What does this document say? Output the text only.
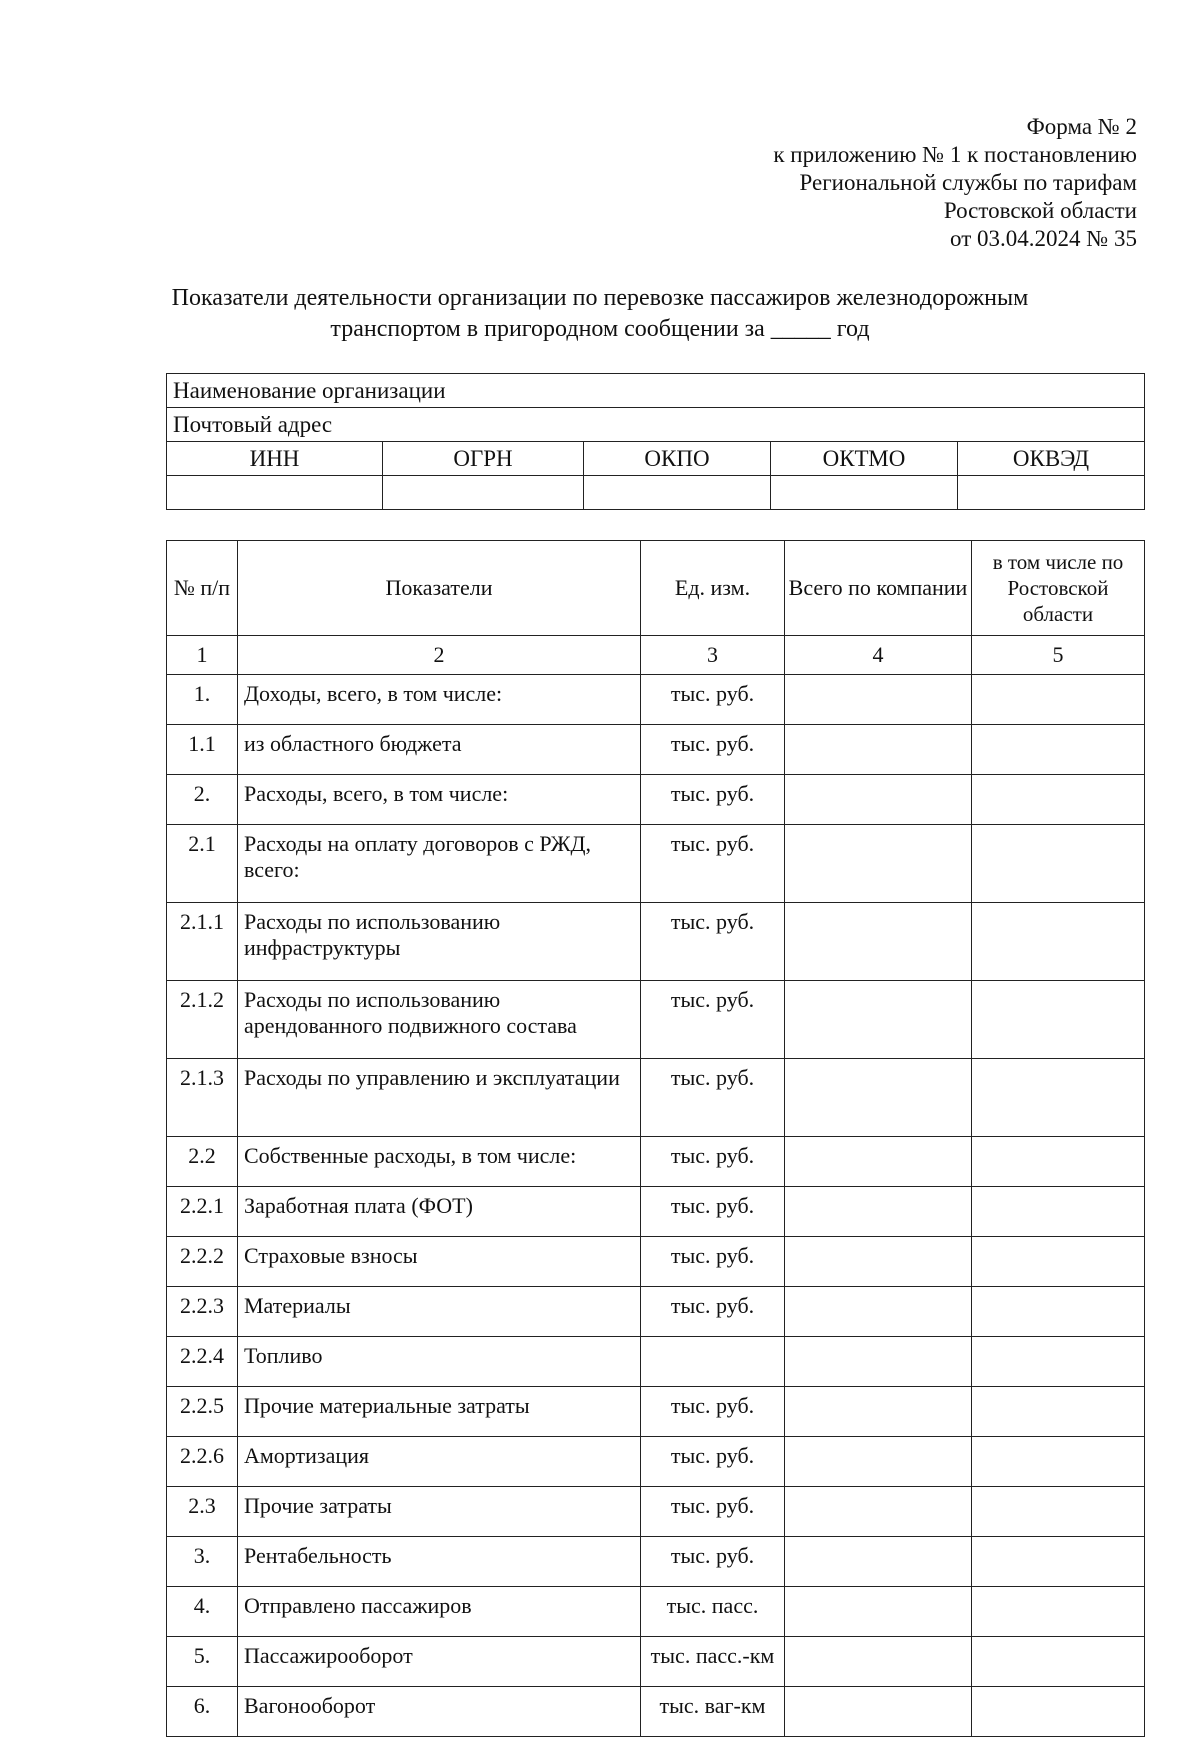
Форма № 2
к приложению № 1 к постановлению
Региональной службы по тарифам
Ростовской области
от 03.04.2024 № 35
Показатели деятельности организации по перевозке пассажиров железнодорожным
транспортом в пригородном сообщении за _____ год
Наименование организации				
Почтовый адрес				
ИНН	ОГРН	ОКПО	ОКТМО	ОКВЭД

№ п/п	Показатели	Ед. изм.	Всего по компании	в том числе по Ростовской области
1	2	3	4	5
1.	Доходы, всего, в том числе:	тыс. руб.		
1.1	из областного бюджета	тыс. руб.		
2.	Расходы, всего, в том числе:	тыс. руб.		
2.1	Расходы на оплату договоров с РЖД, всего:	тыс. руб.		
2.1.1	Расходы по использованию инфраструктуры	тыс. руб.		
2.1.2	Расходы по использованию арендованного подвижного состава	тыс. руб.		
2.1.3	Расходы по управлению и эксплуатации	тыс. руб.		
2.2	Собственные расходы, в том числе:	тыс. руб.		
2.2.1	Заработная плата (ФОТ)	тыс. руб.		
2.2.2	Страховые взносы	тыс. руб.		
2.2.3	Материалы	тыс. руб.		
2.2.4	Топливо			
2.2.5	Прочие материальные затраты	тыс. руб.		
2.2.6	Амортизация	тыс. руб.		
2.3	Прочие затраты	тыс. руб.		
3.	Рентабельность	тыс. руб.		
4.	Отправлено пассажиров	тыс. пасс.		
5.	Пассажирооборот	тыс. пасс.-км		
6.	Вагонооборот	тыс. ваг-км		
